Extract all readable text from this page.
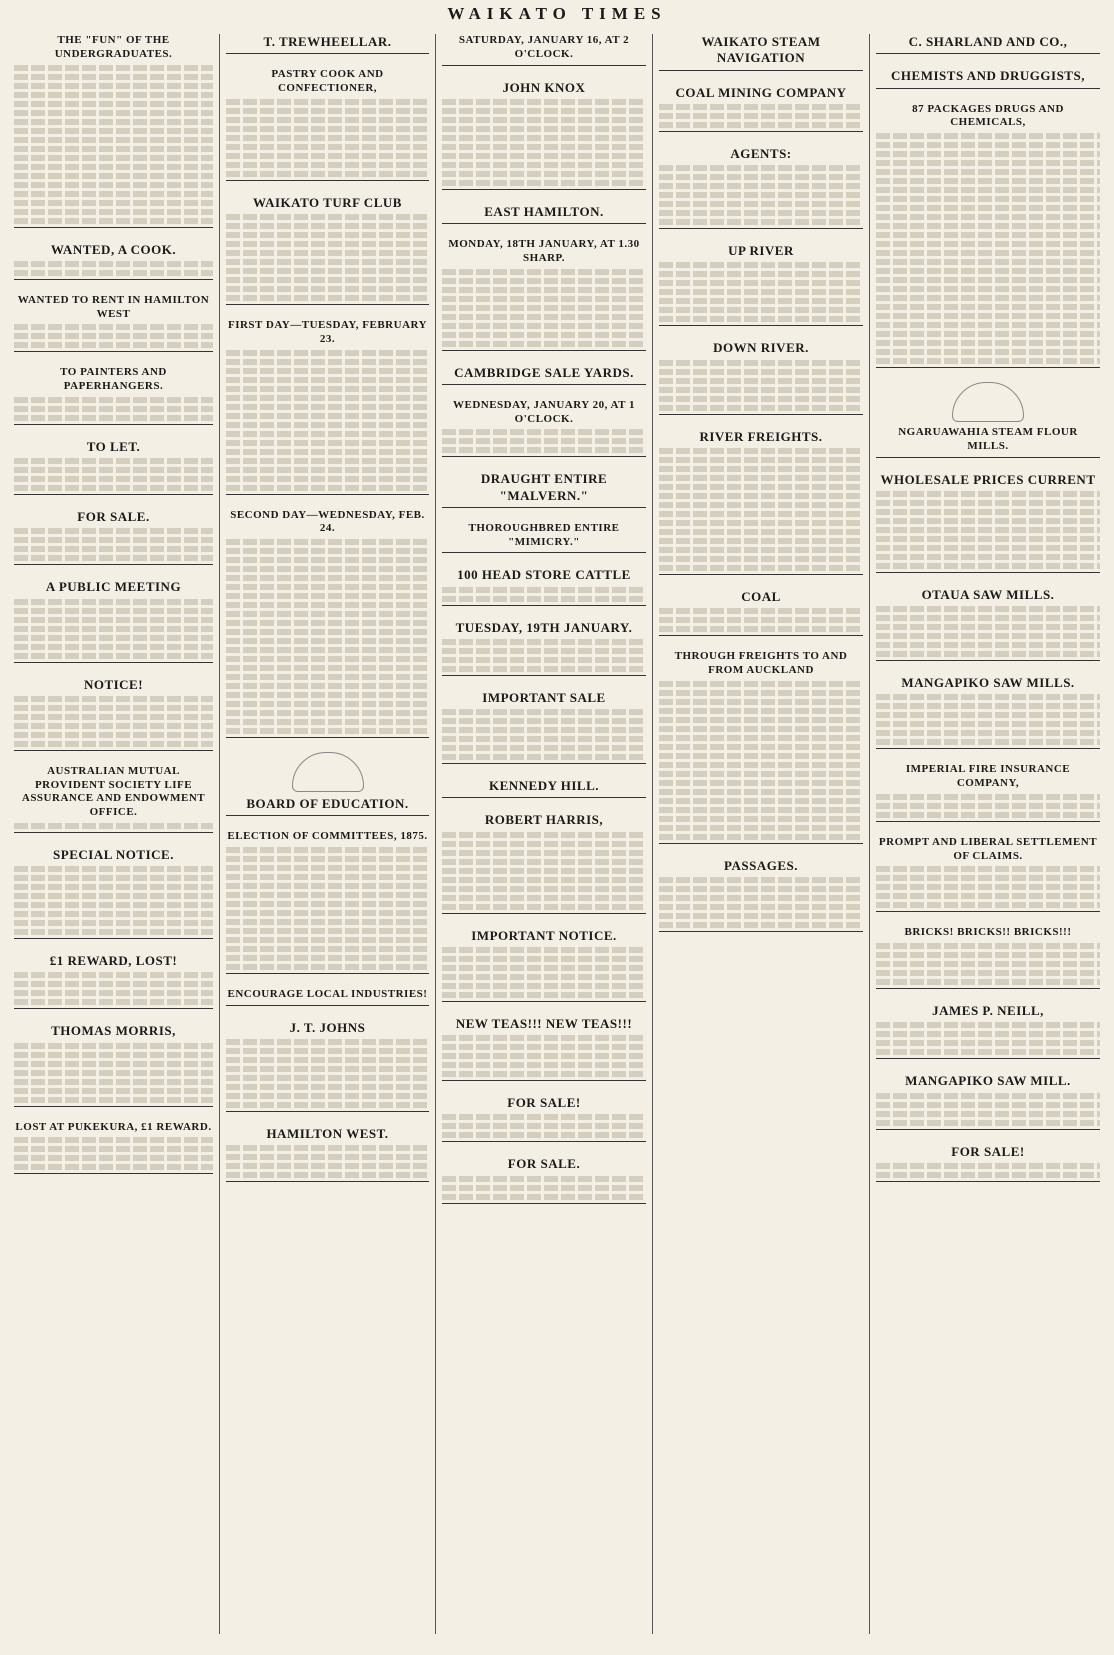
WAIKATO TIMES
THE "FUN" OF THE UNDERGRADUATES.
WANTED, A COOK.
WANTED TO RENT IN HAMILTON WEST
TO PAINTERS AND PAPERHANGERS.
TO LET.
FOR SALE.
A PUBLIC MEETING
NOTICE!
AUSTRALIAN MUTUAL PROVIDENT SOCIETY LIFE ASSURANCE AND ENDOWMENT OFFICE.
SPECIAL NOTICE.
£1 REWARD, LOST!
THOMAS MORRIS,
LOST AT PUKEKURA, £1 REWARD.
T. TREWHEELLAR.
PASTRY COOK AND CONFECTIONER,
WAIKATO TURF CLUB
FIRST DAY—TUESDAY, FEBRUARY 23.
SECOND DAY—WEDNESDAY, FEB. 24.
BOARD OF EDUCATION.
ELECTION OF COMMITTEES, 1875.
ENCOURAGE LOCAL INDUSTRIES!
J. T. JOHNS
HAMILTON WEST.
SATURDAY, JANUARY 16, AT 2 O'CLOCK.
JOHN KNOX
EAST HAMILTON.
MONDAY, 18TH JANUARY, AT 1.30 SHARP.
CAMBRIDGE SALE YARDS.
WEDNESDAY, JANUARY 20, AT 1 O'CLOCK.
DRAUGHT ENTIRE "MALVERN."
THOROUGHBRED ENTIRE "MIMICRY."
100 HEAD STORE CATTLE
TUESDAY, 19TH JANUARY.
IMPORTANT SALE
KENNEDY HILL.
ROBERT HARRIS,
IMPORTANT NOTICE.
NEW TEAS!!! NEW TEAS!!!
FOR SALE!
FOR SALE.
WAIKATO STEAM NAVIGATION
COAL MINING COMPANY
AGENTS:
UP RIVER
DOWN RIVER.
RIVER FREIGHTS.
COAL
THROUGH FREIGHTS TO AND FROM AUCKLAND
PASSAGES.
C. SHARLAND AND CO.,
CHEMISTS AND DRUGGISTS,
87 PACKAGES DRUGS AND CHEMICALS,
NGARUAWAHIA STEAM FLOUR MILLS.
WHOLESALE PRICES CURRENT
OTAUA SAW MILLS.
MANGAPIKO SAW MILLS.
IMPERIAL FIRE INSURANCE COMPANY,
PROMPT AND LIBERAL SETTLEMENT OF CLAIMS.
BRICKS! BRICKS!! BRICKS!!!
JAMES P. NEILL,
MANGAPIKO SAW MILL.
FOR SALE!
